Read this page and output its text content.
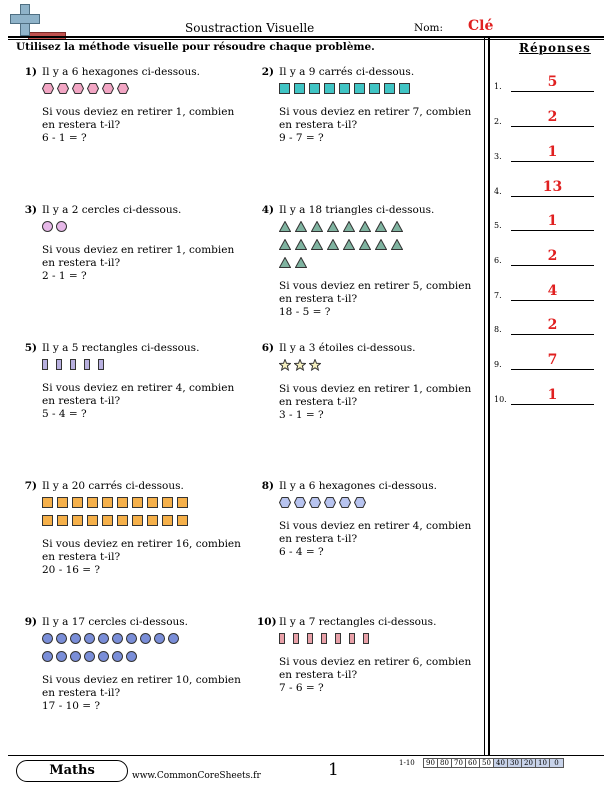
Soustraction Visuelle	Nom: Clé
Utilisez la méthode visuelle pour résoudre chaque problème.	Réponses
1.	5
2.	2
3.	1
4.	13
5.	1
6.	2
7.	4
8.	2
9.	7
10.	1
1) Il y a 6 hexagones ci-dessous.
Si vous deviez en retirer 1, combien en restera t-il?
6 - 1 = ?
2) Il y a 9 carrés ci-dessous.
Si vous deviez en retirer 7, combien en restera t-il?
9 - 7 = ?
3) Il y a 2 cercles ci-dessous.
Si vous deviez en retirer 1, combien en restera t-il?
2 - 1 = ?
4) Il y a 18 triangles ci-dessous.
Si vous deviez en retirer 5, combien en restera t-il?
18 - 5 = ?
5) Il y a 5 rectangles ci-dessous.
Si vous deviez en retirer 4, combien en restera t-il?
5 - 4 = ?
6) Il y a 3 étoiles ci-dessous.
Si vous deviez en retirer 1, combien en restera t-il?
3 - 1 = ?
7) Il y a 20 carrés ci-dessous.
Si vous deviez en retirer 16, combien en restera t-il?
20 - 16 = ?
8) Il y a 6 hexagones ci-dessous.
Si vous deviez en retirer 4, combien en restera t-il?
6 - 4 = ?
9) Il y a 17 cercles ci-dessous.
Si vous deviez en retirer 10, combien en restera t-il?
17 - 10 = ?
10) Il y a 7 rectangles ci-dessous.
Si vous deviez en retirer 6, combien en restera t-il?
7 - 6 = ?
Maths	www.CommonCoreSheets.fr	1	1-10	90 80 70 60 50 40 30 20 10	0
